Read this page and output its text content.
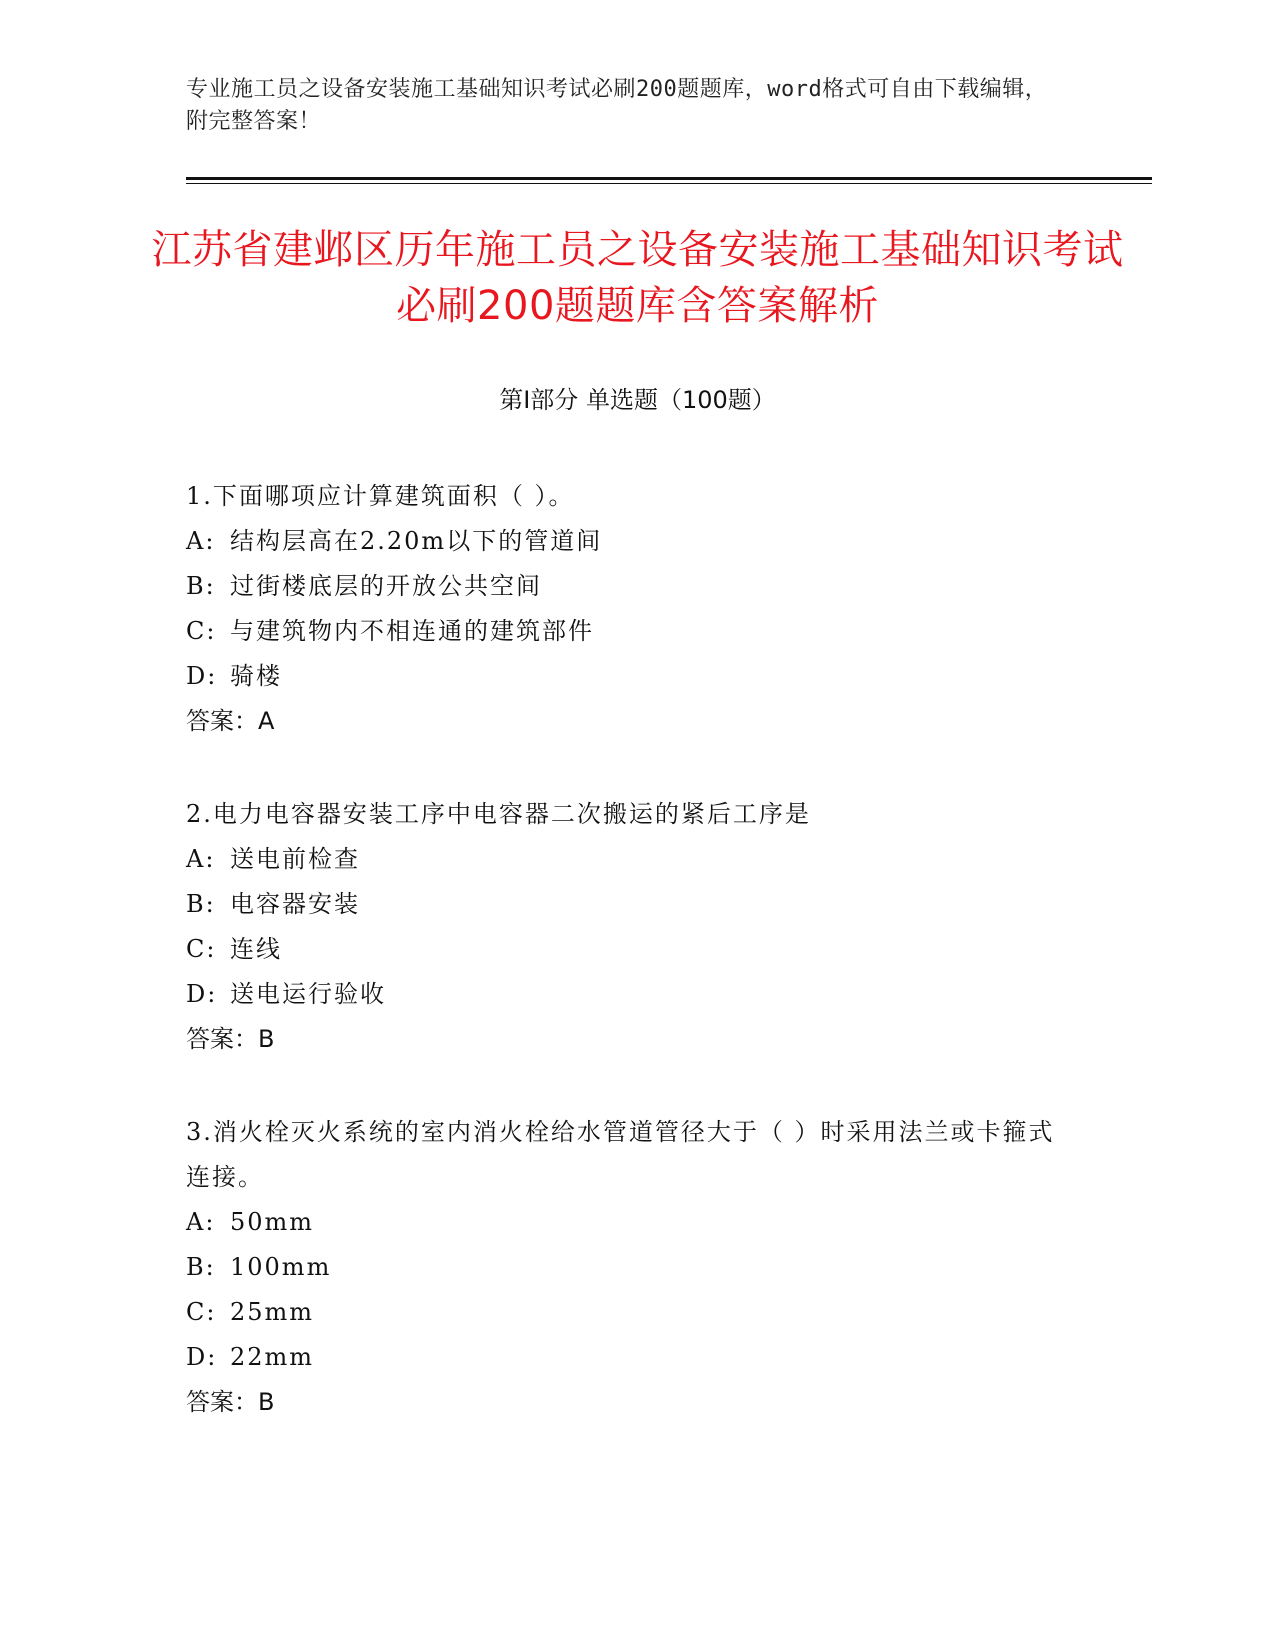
专业施工员之设备安装施工基础知识考试必刷200题题库，word格式可自由下载编辑，附完整答案！
江苏省建邺区历年施工员之设备安装施工基础知识考试必刷200题题库含答案解析
第Ⅰ部分 单选题（100题）
1.下面哪项应计算建筑面积（ ）。
A: 结构层高在2.20m以下的管道间
B: 过街楼底层的开放公共空间
C: 与建筑物内不相连通的建筑部件
D: 骑楼
答案：A
2.电力电容器安装工序中电容器二次搬运的紧后工序是
A: 送电前检查
B: 电容器安装
C: 连线
D: 送电运行验收
答案：B
3.消火栓灭火系统的室内消火栓给水管道管径大于（ ）时采用法兰或卡箍式连接。
A: 50mm
B: 100mm
C: 25mm
D: 22mm
答案：B
